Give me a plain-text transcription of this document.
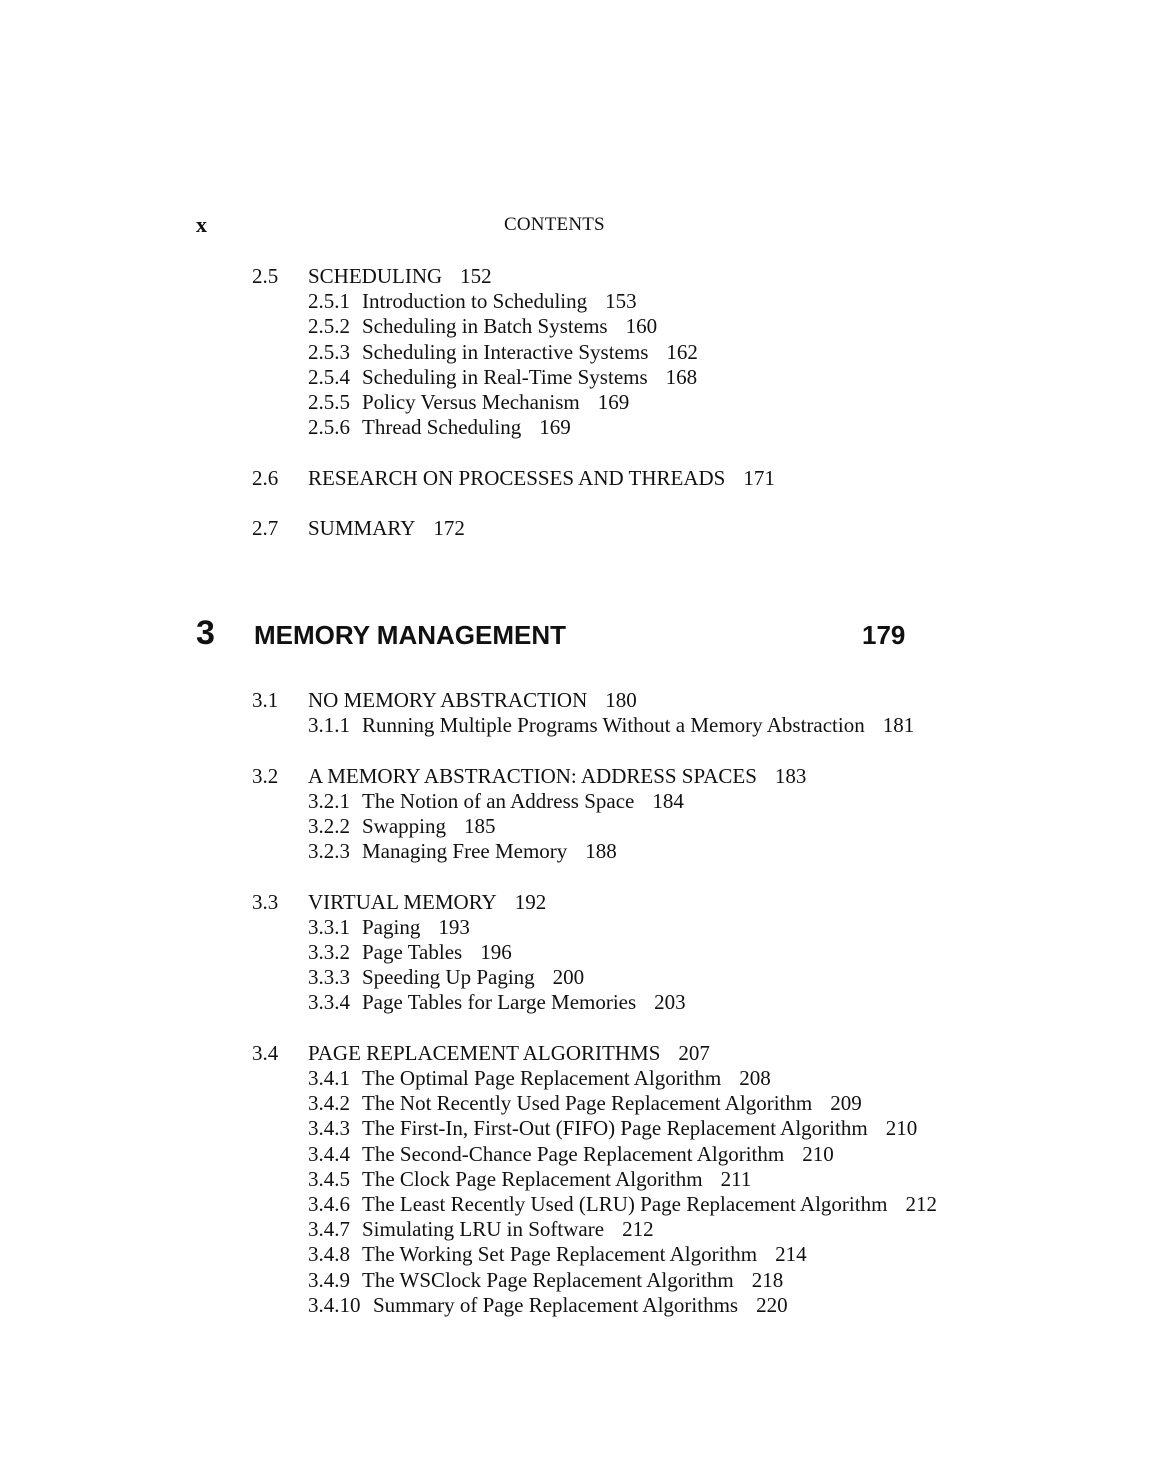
x	CONTENTS
2.5 SCHEDULING 152
2.5.1 Introduction to Scheduling 153
2.5.2 Scheduling in Batch Systems 160
2.5.3 Scheduling in Interactive Systems 162
2.5.4 Scheduling in Real-Time Systems 168
2.5.5 Policy Versus Mechanism 169
2.5.6 Thread Scheduling 169
2.6 RESEARCH ON PROCESSES AND THREADS 171
2.7 SUMMARY 172
3 MEMORY MANAGEMENT	179
3.1 NO MEMORY ABSTRACTION 180
3.1.1 Running Multiple Programs Without a Memory Abstraction 181
3.2 A MEMORY ABSTRACTION: ADDRESS SPACES 183
3.2.1 The Notion of an Address Space 184
3.2.2 Swapping 185
3.2.3 Managing Free Memory 188
3.3 VIRTUAL MEMORY 192
3.3.1 Paging 193
3.3.2 Page Tables 196
3.3.3 Speeding Up Paging 200
3.3.4 Page Tables for Large Memories 203
3.4 PAGE REPLACEMENT ALGORITHMS 207
3.4.1 The Optimal Page Replacement Algorithm 208
3.4.2 The Not Recently Used Page Replacement Algorithm 209
3.4.3 The First-In, First-Out (FIFO) Page Replacement Algorithm 210
3.4.4 The Second-Chance Page Replacement Algorithm 210
3.4.5 The Clock Page Replacement Algorithm 211
3.4.6 The Least Recently Used (LRU) Page Replacement Algorithm 212
3.4.7 Simulating LRU in Software 212
3.4.8 The Working Set Page Replacement Algorithm 214
3.4.9 The WSClock Page Replacement Algorithm 218
3.4.10 Summary of Page Replacement Algorithms 220
